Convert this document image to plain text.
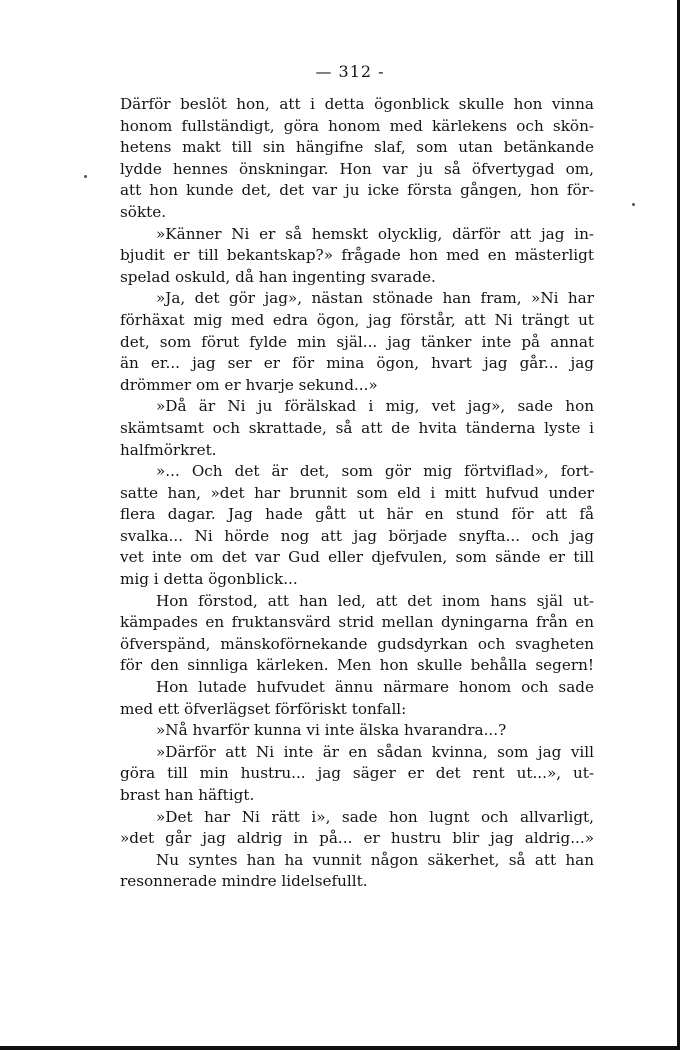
— 312 -
Därför beslöt hon, att i detta ögonblick skulle hon vinna
honom fullständigt, göra honom med kärlekens och skön-
hetens makt till sin hängifne slaf, som utan betänkande
lydde hennes önskningar. Hon var ju så öfvertygad om,
att hon kunde det, det var ju icke första gången, hon för-
sökte.
»Känner Ni er så hemskt olycklig, därför att jag in-
bjudit er till bekantskap?» frågade hon med en mästerligt
spelad oskuld, då han ingenting svarade.
»Ja, det gör jag», nästan stönade han fram, »Ni har
förhäxat mig med edra ögon, jag förstår, att Ni trängt ut
det, som förut fylde min själ... jag tänker inte på annat
än er... jag ser er för mina ögon, hvart jag går... jag
drömmer om er hvarje sekund...»
»Då är Ni ju förälskad i mig, vet jag», sade hon
skämtsamt och skrattade, så att de hvita tänderna lyste i
halfmörkret.
»... Och det är det, som gör mig förtviflad», fort-
satte han, »det har brunnit som eld i mitt hufvud under
flera dagar. Jag hade gått ut här en stund för att få
svalka... Ni hörde nog att jag började snyfta... och jag
vet inte om det var Gud eller djefvulen, som sände er till
mig i detta ögonblick...
Hon förstod, att han led, att det inom hans själ ut-
kämpades en fruktansvärd strid mellan dyningarna från en
öfverspänd, mänskoförnekande gudsdyrkan och svagheten
för den sinnliga kärleken. Men hon skulle behålla segern!
Hon lutade hufvudet ännu närmare honom och sade
med ett öfverlägset förföriskt tonfall:
»Nå hvarför kunna vi inte älska hvarandra...?
»Därför att Ni inte är en sådan kvinna, som jag vill
göra till min hustru... jag säger er det rent ut...», ut-
brast han häftigt.
»Det har Ni rätt i», sade hon lugnt och allvarligt,
»det går jag aldrig in på... er hustru blir jag aldrig...»
Nu syntes han ha vunnit någon säkerhet, så att han
resonnerade mindre lidelsefullt.
